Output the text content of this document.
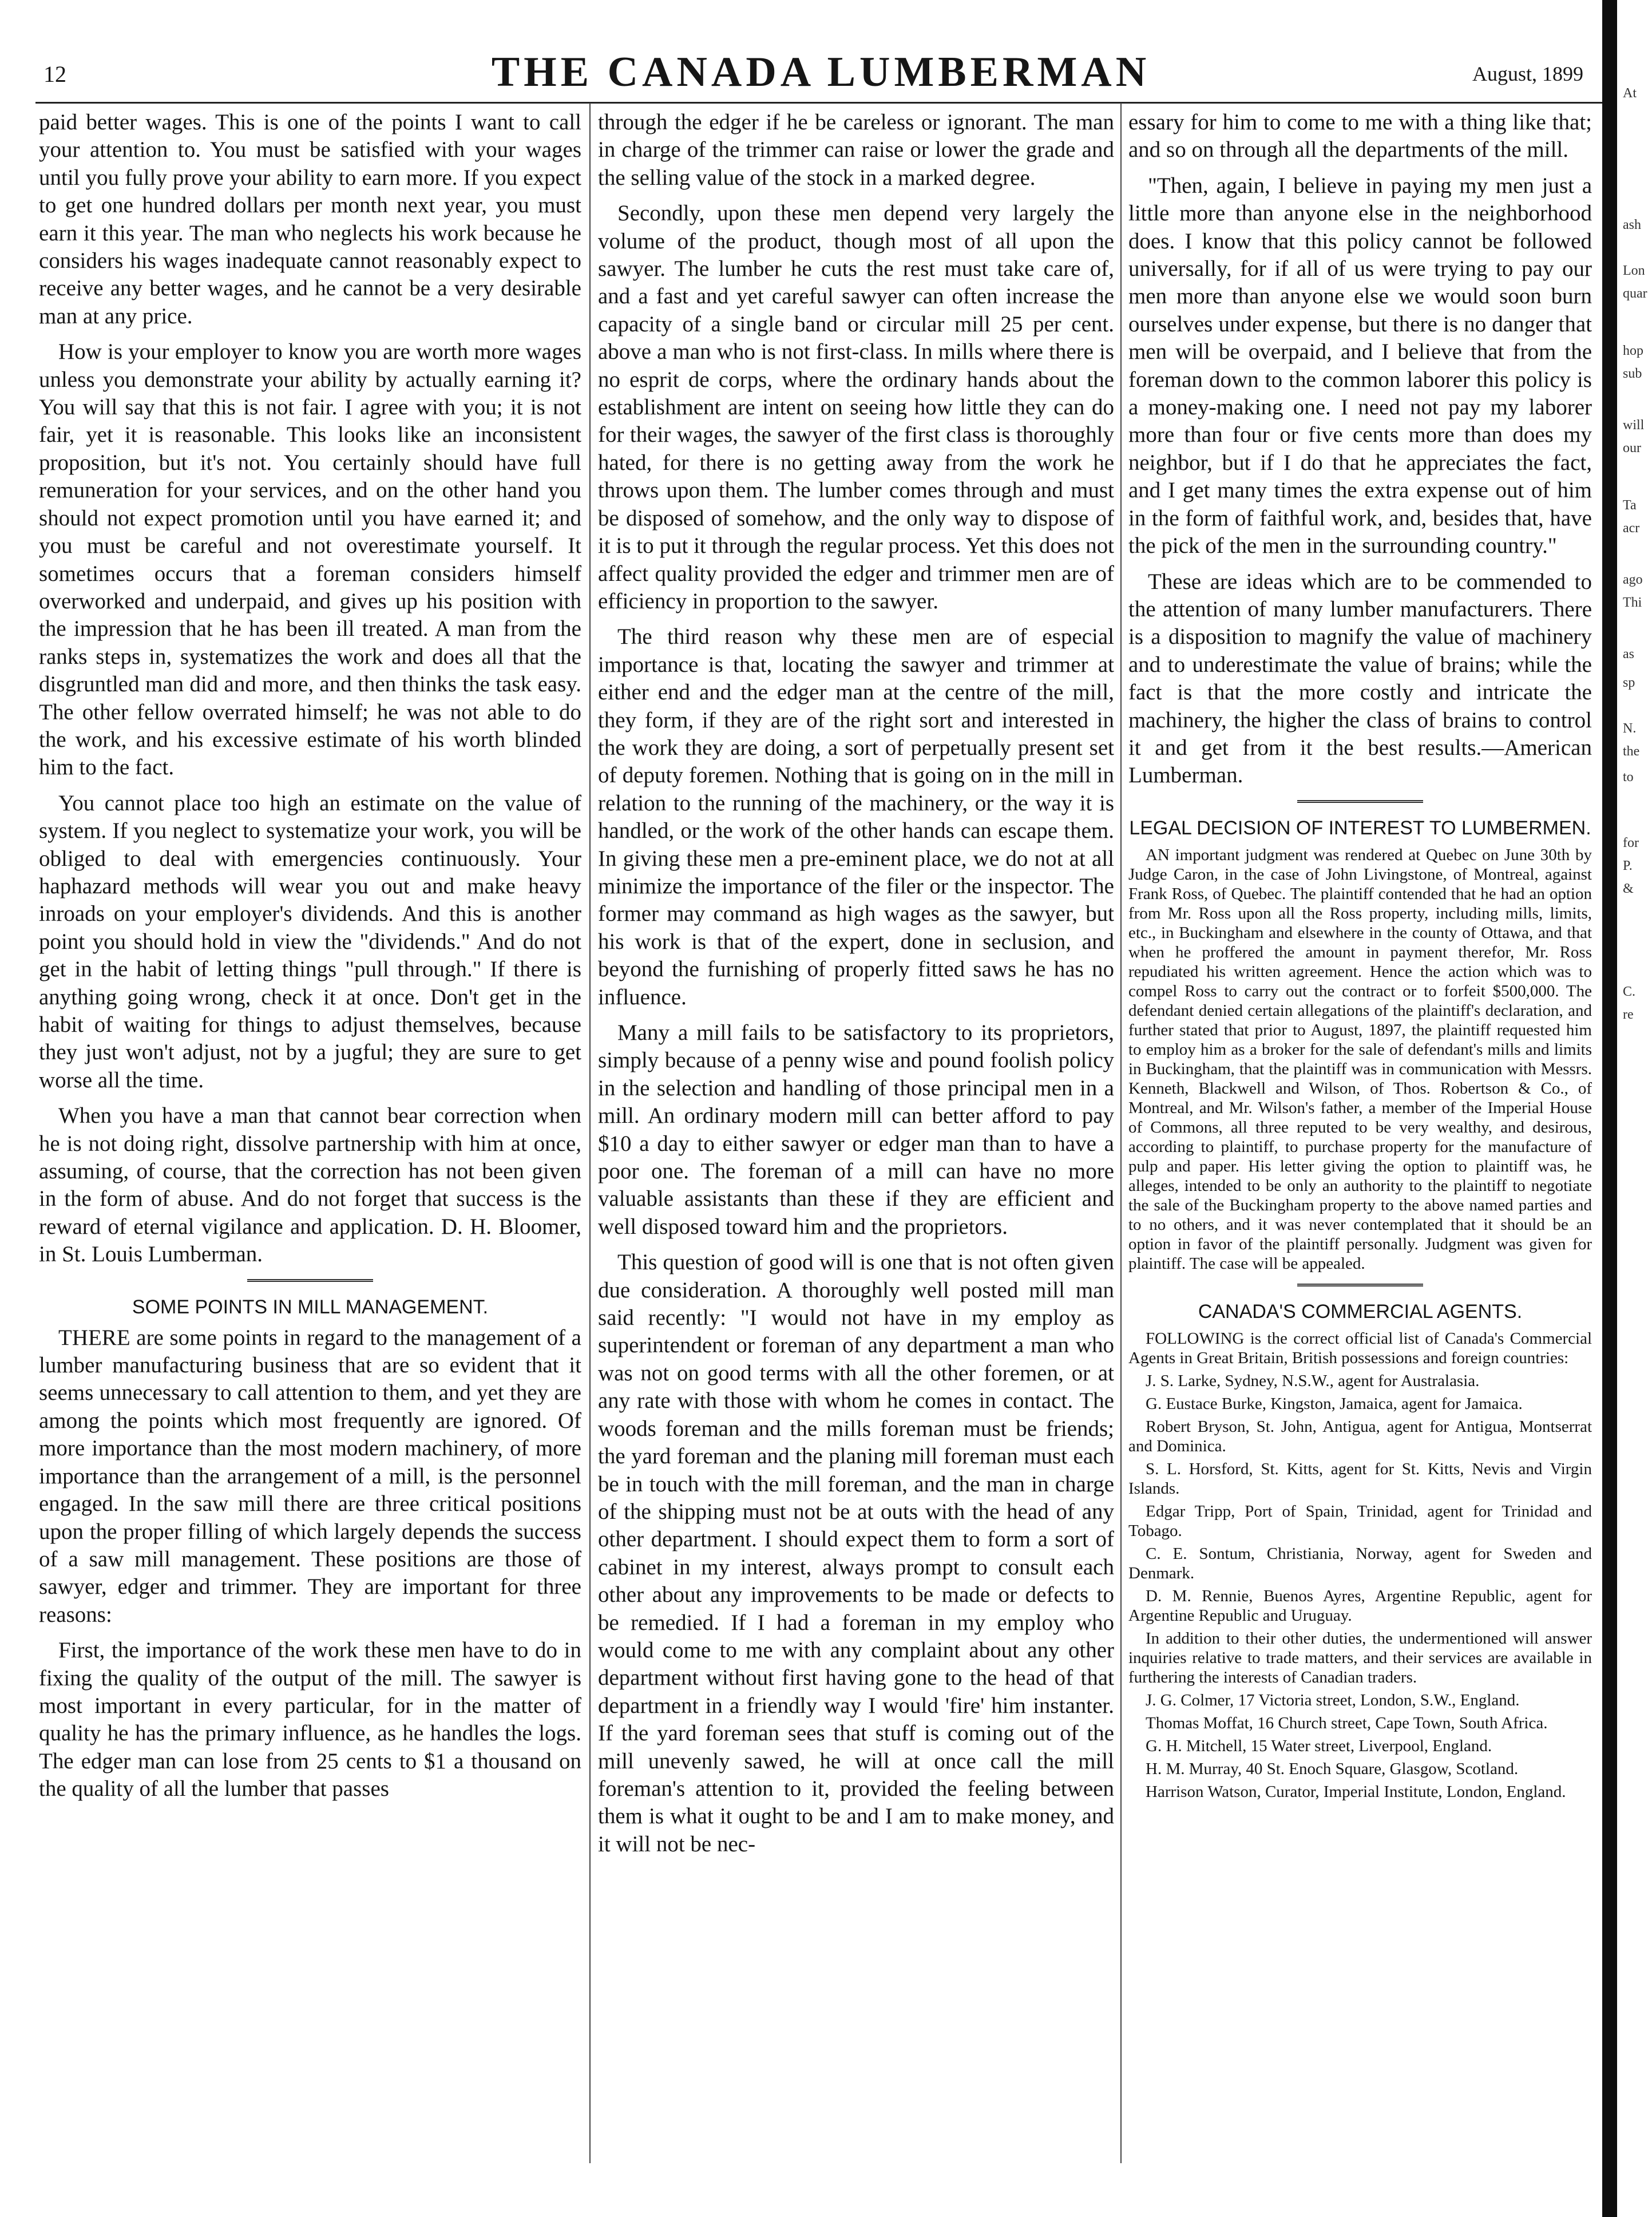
12	THE CANADA LUMBERMAN	August, 1899

paid better wages. This is one of the points I want to call your attention to. You must be satisfied with your wages until you fully prove your ability to earn more. If you expect to get one hundred dollars per month next year, you must earn it this year. The man who neglects his work because he considers his wages inadequate cannot reasonably expect to receive any better wages, and he cannot be a very desirable man at any price.

How is your employer to know you are worth more wages unless you demonstrate your ability by actually earning it? You will say that this is not fair. I agree with you; it is not fair, yet it is reasonable. This looks like an inconsistent proposition, but it's not. You certainly should have full remuneration for your services, and on the other hand you should not expect promotion until you have earned it; and you must be careful and not overestimate yourself. It sometimes occurs that a foreman considers himself overworked and underpaid, and gives up his position with the impression that he has been ill treated. A man from the ranks steps in, systematizes the work and does all that the disgruntled man did and more, and then thinks the task easy. The other fellow overrated himself; he was not able to do the work, and his excessive estimate of his worth blinded him to the fact.

You cannot place too high an estimate on the value of system. If you neglect to systematize your work, you will be obliged to deal with emergencies continuously. Your haphazard methods will wear you out and make heavy inroads on your employer's dividends. And this is another point you should hold in view the "dividends." And do not get in the habit of letting things "pull through." If there is anything going wrong, check it at once. Don't get in the habit of waiting for things to adjust themselves, because they just won't adjust, not by a jugful; they are sure to get worse all the time.

When you have a man that cannot bear correction when he is not doing right, dissolve partnership with him at once, assuming, of course, that the correction has not been given in the form of abuse. And do not forget that success is the reward of eternal vigilance and application. D. H. Bloomer, in St. Louis Lumberman.

SOME POINTS IN MILL MANAGEMENT.

THERE are some points in regard to the management of a lumber manufacturing business that are so evident that it seems unnecessary to call attention to them, and yet they are among the points which most frequently are ignored. Of more importance than the most modern machinery, of more importance than the arrangement of a mill, is the personnel engaged. In the saw mill there are three critical positions upon the proper filling of which largely depends the success of a saw mill management. These positions are those of sawyer, edger and trimmer. They are important for three reasons:

First, the importance of the work these men have to do in fixing the quality of the output of the mill. The sawyer is most important in every particular, for in the matter of quality he has the primary influence, as he handles the logs. The edger man can lose from 25 cents to $1 a thousand on the quality of all the lumber that passes

through the edger if he be careless or ignorant. The man in charge of the trimmer can raise or lower the grade and the selling value of the stock in a marked degree.

Secondly, upon these men depend very largely the volume of the product, though most of all upon the sawyer. The lumber he cuts the rest must take care of, and a fast and yet careful sawyer can often increase the capacity of a single band or circular mill 25 per cent. above a man who is not first-class. In mills where there is no esprit de corps, where the ordinary hands about the establishment are intent on seeing how little they can do for their wages, the sawyer of the first class is thoroughly hated, for there is no getting away from the work he throws upon them. The lumber comes through and must be disposed of somehow, and the only way to dispose of it is to put it through the regular process. Yet this does not affect quality provided the edger and trimmer men are of efficiency in proportion to the sawyer.

The third reason why these men are of especial importance is that, locating the sawyer and trimmer at either end and the edger man at the centre of the mill, they form, if they are of the right sort and interested in the work they are doing, a sort of perpetually present set of deputy foremen. Nothing that is going on in the mill in relation to the running of the machinery, or the way it is handled, or the work of the other hands can escape them. In giving these men a pre-eminent place, we do not at all minimize the importance of the filer or the inspector. The former may command as high wages as the sawyer, but his work is that of the expert, done in seclusion, and beyond the furnishing of properly fitted saws he has no influence.

Many a mill fails to be satisfactory to its proprietors, simply because of a penny wise and pound foolish policy in the selection and handling of those principal men in a mill. An ordinary modern mill can better afford to pay $10 a day to either sawyer or edger man than to have a poor one. The foreman of a mill can have no more valuable assistants than these if they are efficient and well disposed toward him and the proprietors.

This question of good will is one that is not often given due consideration. A thoroughly well posted mill man said recently: "I would not have in my employ as superintendent or foreman of any department a man who was not on good terms with all the other foremen, or at any rate with those with whom he comes in contact. The woods foreman and the mills foreman must be friends; the yard foreman and the planing mill foreman must each be in touch with the mill foreman, and the man in charge of the shipping must not be at outs with the head of any other department. I should expect them to form a sort of cabinet in my interest, always prompt to consult each other about any improvements to be made or defects to be remedied. If I had a foreman in my employ who would come to me with any complaint about any other department without first having gone to the head of that department in a friendly way I would 'fire' him instanter. If the yard foreman sees that stuff is coming out of the mill unevenly sawed, he will at once call the mill foreman's attention to it, provided the feeling between them is what it ought to be and I am to make money, and it will not be nec-

essary for him to come to me with a thing like that; and so on through all the departments of the mill.

"Then, again, I believe in paying my men just a little more than anyone else in the neighborhood does. I know that this policy cannot be followed universally, for if all of us were trying to pay our men more than anyone else we would soon burn ourselves under expense, but there is no danger that men will be overpaid, and I believe that from the foreman down to the common laborer this policy is a money-making one. I need not pay my laborer more than four or five cents more than does my neighbor, but if I do that he appreciates the fact, and I get many times the extra expense out of him in the form of faithful work, and, besides that, have the pick of the men in the surrounding country."

These are ideas which are to be commended to the attention of many lumber manufacturers. There is a disposition to magnify the value of machinery and to underestimate the value of brains; while the fact is that the more costly and intricate the machinery, the higher the class of brains to control it and get from it the best results.—American Lumberman.

LEGAL DECISION OF INTEREST TO LUMBERMEN.

AN important judgment was rendered at Quebec on June 30th by Judge Caron, in the case of John Livingstone, of Montreal, against Frank Ross, of Quebec. The plaintiff contended that he had an option from Mr. Ross upon all the Ross property, including mills, limits, etc., in Buckingham and elsewhere in the county of Ottawa, and that when he proffered the amount in payment therefor, Mr. Ross repudiated his written agreement. Hence the action which was to compel Ross to carry out the contract or to forfeit $500,000. The defendant denied certain allegations of the plaintiff's declaration, and further stated that prior to August, 1897, the plaintiff requested him to employ him as a broker for the sale of defendant's mills and limits in Buckingham, that the plaintiff was in communication with Messrs. Kenneth, Blackwell and Wilson, of Thos. Robertson & Co., of Montreal, and Mr. Wilson's father, a member of the Imperial House of Commons, all three reputed to be very wealthy, and desirous, according to plaintiff, to purchase property for the manufacture of pulp and paper. His letter giving the option to plaintiff was, he alleges, intended to be only an authority to the plaintiff to negotiate the sale of the Buckingham property to the above named parties and to no others, and it was never contemplated that it should be an option in favor of the plaintiff personally. Judgment was given for plaintiff. The case will be appealed.

CANADA'S COMMERCIAL AGENTS.

FOLLOWING is the correct official list of Canada's Commercial Agents in Great Britain, British possessions and foreign countries:

J. S. Larke, Sydney, N.S.W., agent for Australasia.

G. Eustace Burke, Kingston, Jamaica, agent for Jamaica.

Robert Bryson, St. John, Antigua, agent for Antigua, Montserrat and Dominica.

S. L. Horsford, St. Kitts, agent for St. Kitts, Nevis and Virgin Islands.

Edgar Tripp, Port of Spain, Trinidad, agent for Trinidad and Tobago.

C. E. Sontum, Christiania, Norway, agent for Sweden and Denmark.

D. M. Rennie, Buenos Ayres, Argentine Republic, agent for Argentine Republic and Uruguay.

In addition to their other duties, the undermentioned will answer inquiries relative to trade matters, and their services are available in furthering the interests of Canadian traders.

J. G. Colmer, 17 Victoria street, London, S.W., England.

Thomas Moffat, 16 Church street, Cape Town, South Africa.

G. H. Mitchell, 15 Water street, Liverpool, England.

H. M. Murray, 40 St. Enoch Square, Glasgow, Scotland.

Harrison Watson, Curator, Imperial Institute, London, England.

At
ash
Lon
quar
hop
sub
will
our
Ta
acr
ago
Thi
as
sp
N.
the
to
for
P.
&
C.
re
